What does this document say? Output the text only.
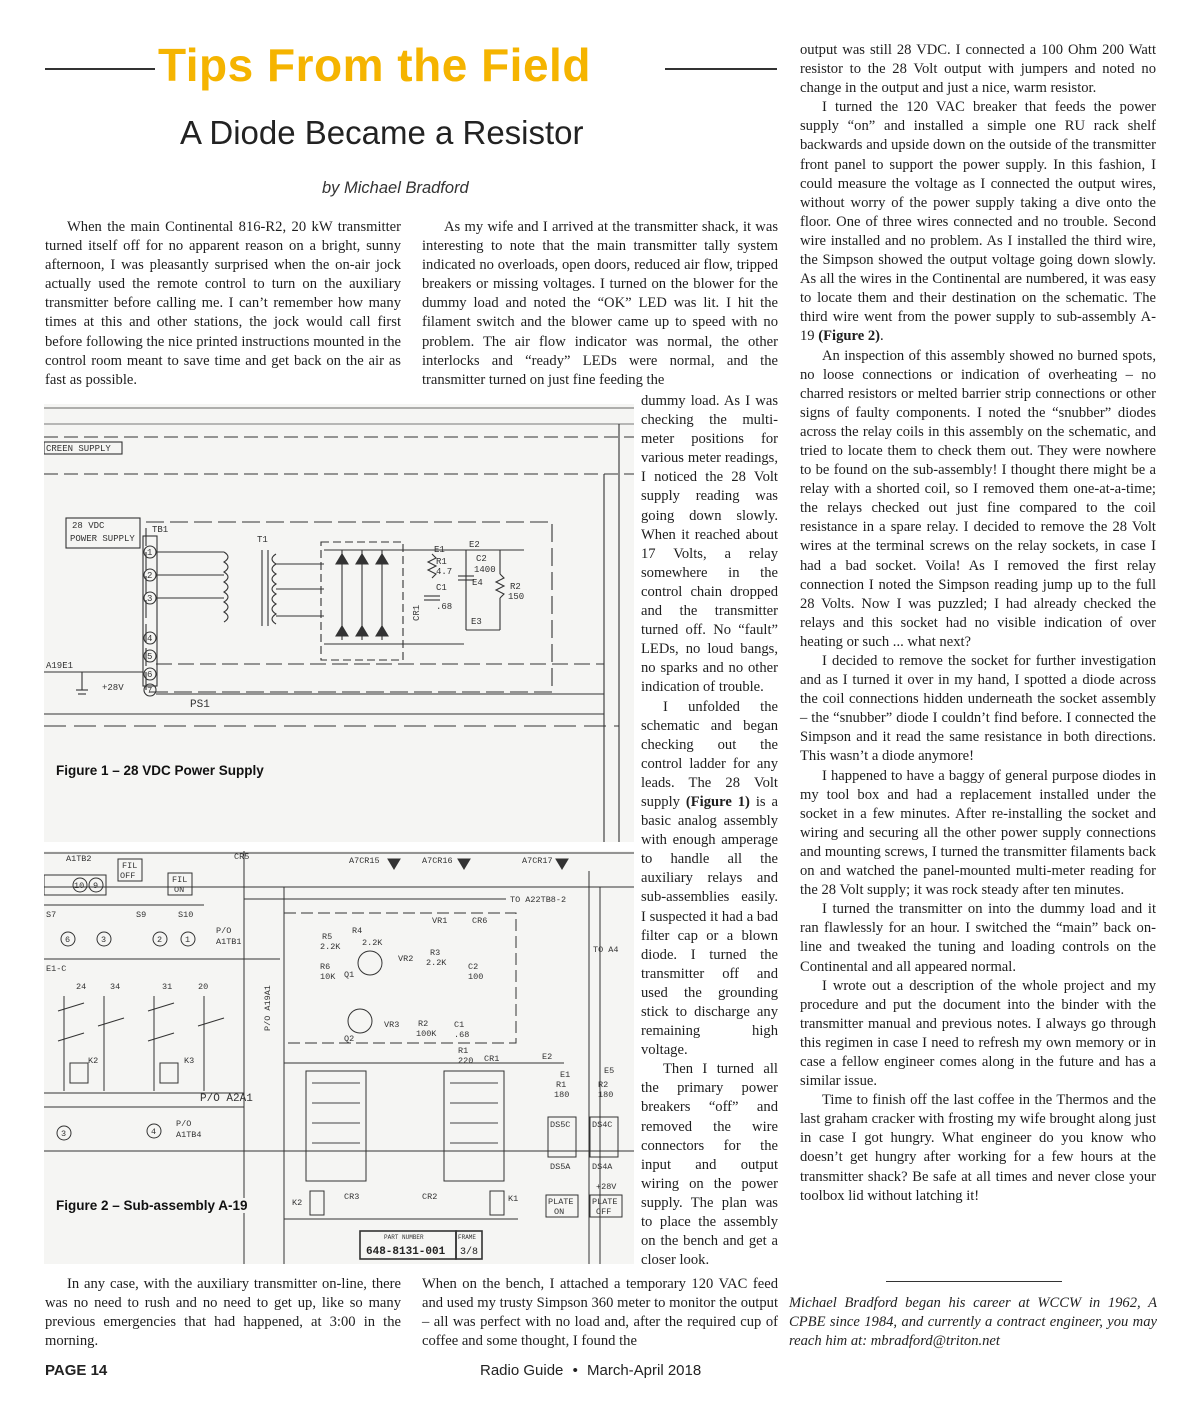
Tips From the Field
A Diode Became a Resistor
by Michael Bradford

When the main Continental 816-R2, 20 kW transmitter turned itself off for no apparent reason on a bright, sunny afternoon, I was pleasantly surprised when the on-air jock actually used the remote control to turn on the auxiliary transmitter before calling me. I can’t remember how many times at this and other stations, the jock would call first before following the nice printed instructions mounted in the control room meant to save time and get back on the air as fast as possible.

As my wife and I arrived at the transmitter shack, it was interesting to note that the main transmitter tally system indicated no overloads, open doors, reduced air flow, tripped breakers or missing voltages. I turned on the blower for the dummy load and noted the “OK” LED was lit. I hit the filament switch and the blower came up to speed with no problem. The air flow indicator was normal, the other interlocks and “ready” LEDs were normal, and the transmitter turned on just fine feeding the

dummy load. As I was checking the multi-meter positions for various meter readings, I noticed the 28 Volt supply reading was going down slowly. When it reached about 17 Volts, a relay somewhere in the control chain dropped and the transmitter turned off. No “fault” LEDs, no loud bangs, no sparks and no other indication of trouble.

I unfolded the schematic and began checking out the control ladder for any leads. The 28 Volt supply (Figure 1) is a basic analog assembly with enough amperage to handle all the auxiliary relays and sub-assemblies easily. I suspected it had a bad filter cap or a blown diode. I turned the transmitter off and used the grounding stick to discharge any remaining high voltage.

Then I turned all the primary power breakers “off” and removed the wire connectors for the input and output wiring on the power supply. The plan was to place the assembly on the bench and get a closer look.

In any case, with the auxiliary transmitter on-line, there was no need to rush and no need to get up, like so many previous emergencies that had happened, at 3:00 in the morning.

When on the bench, I attached a temporary 120 VAC feed and used my trusty Simpson 360 meter to monitor the output – all was perfect with no load and, after the required cup of coffee and some thought, I found the

output was still 28 VDC. I connected a 100 Ohm 200 Watt resistor to the 28 Volt output with jumpers and noted no change in the output and just a nice, warm resistor.

I turned the 120 VAC breaker that feeds the power supply “on” and installed a simple one RU rack shelf backwards and upside down on the outside of the transmitter front panel to support the power supply. In this fashion, I could measure the voltage as I connected the output wires, without worry of the power supply taking a dive onto the floor. One of three wires connected and no trouble. Second wire installed and no problem. As I installed the third wire, the Simpson showed the output voltage going down slowly. As all the wires in the Continental are numbered, it was easy to locate them and their destination on the schematic. The third wire went from the power supply to sub-assembly A-19 (Figure 2).

An inspection of this assembly showed no burned spots, no loose connections or indication of overheating – no charred resistors or melted barrier strip connections or other signs of faulty components. I noted the “snubber” diodes across the relay coils in this assembly on the schematic, and tried to locate them to check them out. They were nowhere to be found on the sub-assembly! I thought there might be a relay with a shorted coil, so I removed them one-at-a-time; the relays checked out just fine compared to the coil resistance in a spare relay. I decided to remove the 28 Volt wires at the terminal screws on the relay sockets, in case I had a bad socket. Voila! As I removed the first relay connection I noted the Simpson reading jump up to the full 28 Volts. Now I was puzzled; I had already checked the relays and this socket had no visible indication of over heating or such ... what next?

I decided to remove the socket for further investigation and as I turned it over in my hand, I spotted a diode across the coil connections hidden underneath the socket assembly – the “snubber” diode I couldn’t find before. I connected the Simpson and it read the same resistance in both directions. This wasn’t a diode anymore!

I happened to have a baggy of general purpose diodes in my tool box and had a replacement installed under the socket in a few minutes. After re-installing the socket and wiring and securing all the other power supply connections and mounting screws, I turned the transmitter filaments back on and watched the panel-mounted multi-meter reading for the 28 Volt supply; it was rock steady after ten minutes.

I turned the transmitter on into the dummy load and it ran flawlessly for an hour. I switched the “main” back on-line and tweaked the tuning and loading controls on the Continental and all appeared normal.

I wrote out a description of the whole project and my procedure and put the document into the binder with the transmitter manual and previous notes. I always go through this regimen in case I need to refresh my own memory or in case a fellow engineer comes along in the future and has a similar issue.

Time to finish off the last coffee in the Thermos and the last graham cracker with frosting my wife brought along just in case I got hungry. What engineer do you know who doesn’t get hungry after working for a few hours at the transmitter shack? Be safe at all times and never close your toolbox lid without latching it!

Michael Bradford began his career at WCCW in 1962, A CPBE since 1984, and currently a contract engineer, you may reach him at: mbradford@triton.net
CREEN SUPPLY
28 VDC
POWER SUPPLY
TB1
1
2
3
4
5
6
7
T1
CR1
E1
R1
4.7
C1
.68
C2
1400
E4
E2
E3
R2
150
A19E1
+28V
PS1
Figure 1 – 28 VDC Power Supply
A1TB2
FIL
OFF	FIL
ON
CR5	A7CR15	A7CR16	A7CR17
TO A22TB8-2
TO A4
10 9
S7	S9	S10
6	3	2	1
P/O
A1TB1
E1-C
24	34	31	20
K2	K3
P/O A2A1
3	4
P/O
A1TB4
P/O A19A1
R5
2.2K
R4
2.2K
VR1	CR6
R6
10K Q1
VR2
R3
2.2K	C2
100
Q2
VR3 R2
100K
C1
.68
R1
220 CR1	E2
E1
R1
180
R2
180
E5
DS5C	DS4C
DS5A	DS4A
+28V
PLATE
ON
PLATE
OFF
K2
CR3	CR2	K1
PART NUMBER
648-8131-001
FRAME
3/8
Figure 2 – Sub-assembly A-19
PAGE 14	Radio Guide • March-April 2018
